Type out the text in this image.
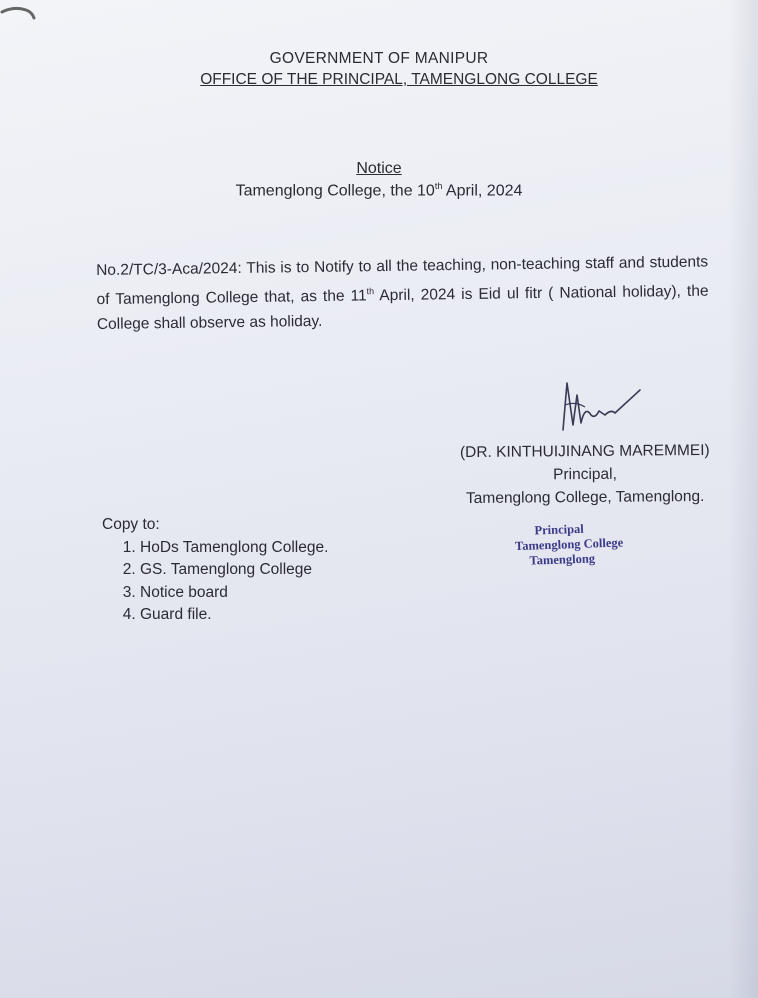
GOVERNMENT OF MANIPUR
OFFICE OF THE PRINCIPAL, TAMENGLONG COLLEGE
Notice
Tamenglong College, the 10th April, 2024
No.2/TC/3-Aca/2024: This is to Notify to all the teaching, non-teaching staff and students of Tamenglong College that, as the 11th April, 2024 is Eid ul fitr ( National holiday), the College shall observe as holiday.
(DR. KINTHUIJINANG MAREMMEI)
Principal,
Tamenglong College, Tamenglong.
Copy to:
1. HoDs Tamenglong College.
2. GS. Tamenglong College
3. Notice board
4. Guard file.
Principal
Tamenglong College
Tamenglong
